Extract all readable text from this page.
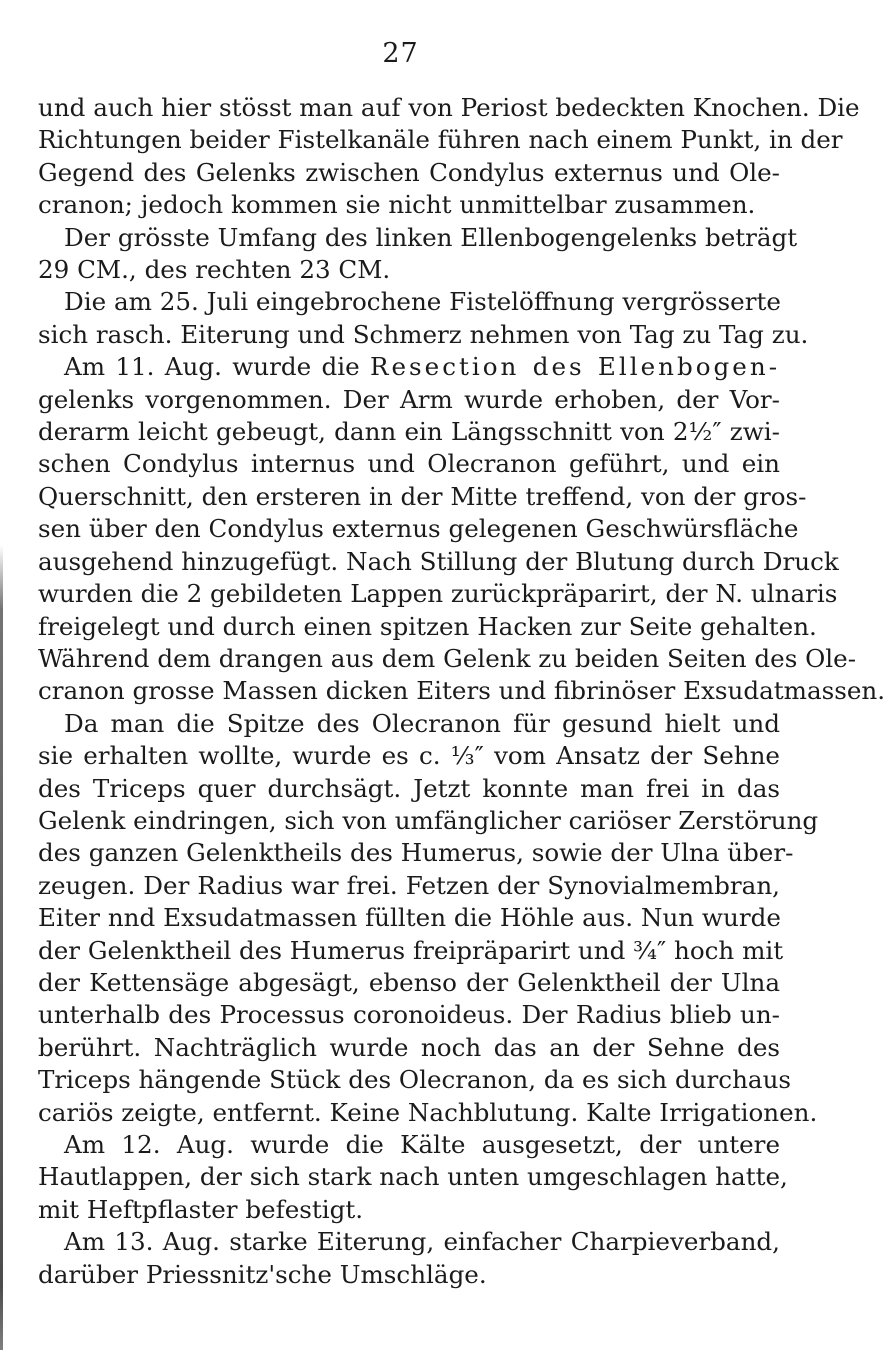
27
und auch hier stösst man auf von Periost bedeckten Knochen. Die
Richtungen beider Fistelkanäle führen nach einem Punkt, in der
Gegend des Gelenks zwischen Condylus externus und Ole-
cranon; jedoch kommen sie nicht unmittelbar zusammen.
Der grösste Umfang des linken Ellenbogengelenks beträgt
29 CM., des rechten 23 CM.
Die am 25. Juli eingebrochene Fistelöffnung vergrösserte
sich rasch. Eiterung und Schmerz nehmen von Tag zu Tag zu.
Am 11. Aug. wurde die Resection des Ellenbogen-
gelenks vorgenommen. Der Arm wurde erhoben, der Vor-
derarm leicht gebeugt, dann ein Längsschnitt von 2½″ zwi-
schen Condylus internus und Olecranon geführt, und ein
Querschnitt, den ersteren in der Mitte treffend, von der gros-
sen über den Condylus externus gelegenen Geschwürsfläche
ausgehend hinzugefügt. Nach Stillung der Blutung durch Druck
wurden die 2 gebildeten Lappen zurückpräparirt, der N. ulnaris
freigelegt und durch einen spitzen Hacken zur Seite gehalten.
Während dem drangen aus dem Gelenk zu beiden Seiten des Ole-
cranon grosse Massen dicken Eiters und fibrinöser Exsudatmassen.
Da man die Spitze des Olecranon für gesund hielt und
sie erhalten wollte, wurde es c. ⅓″ vom Ansatz der Sehne
des Triceps quer durchsägt. Jetzt konnte man frei in das
Gelenk eindringen, sich von umfänglicher cariöser Zerstörung
des ganzen Gelenktheils des Humerus, sowie der Ulna über-
zeugen. Der Radius war frei. Fetzen der Synovialmembran,
Eiter nnd Exsudatmassen füllten die Höhle aus. Nun wurde
der Gelenktheil des Humerus freipräparirt und ¾″ hoch mit
der Kettensäge abgesägt, ebenso der Gelenktheil der Ulna
unterhalb des Processus coronoideus. Der Radius blieb un-
berührt. Nachträglich wurde noch das an der Sehne des
Triceps hängende Stück des Olecranon, da es sich durchaus
cariös zeigte, entfernt. Keine Nachblutung. Kalte Irrigationen.
Am 12. Aug. wurde die Kälte ausgesetzt, der untere
Hautlappen, der sich stark nach unten umgeschlagen hatte,
mit Heftpflaster befestigt.
Am 13. Aug. starke Eiterung, einfacher Charpieverband,
darüber Priessnitz'sche Umschläge.
